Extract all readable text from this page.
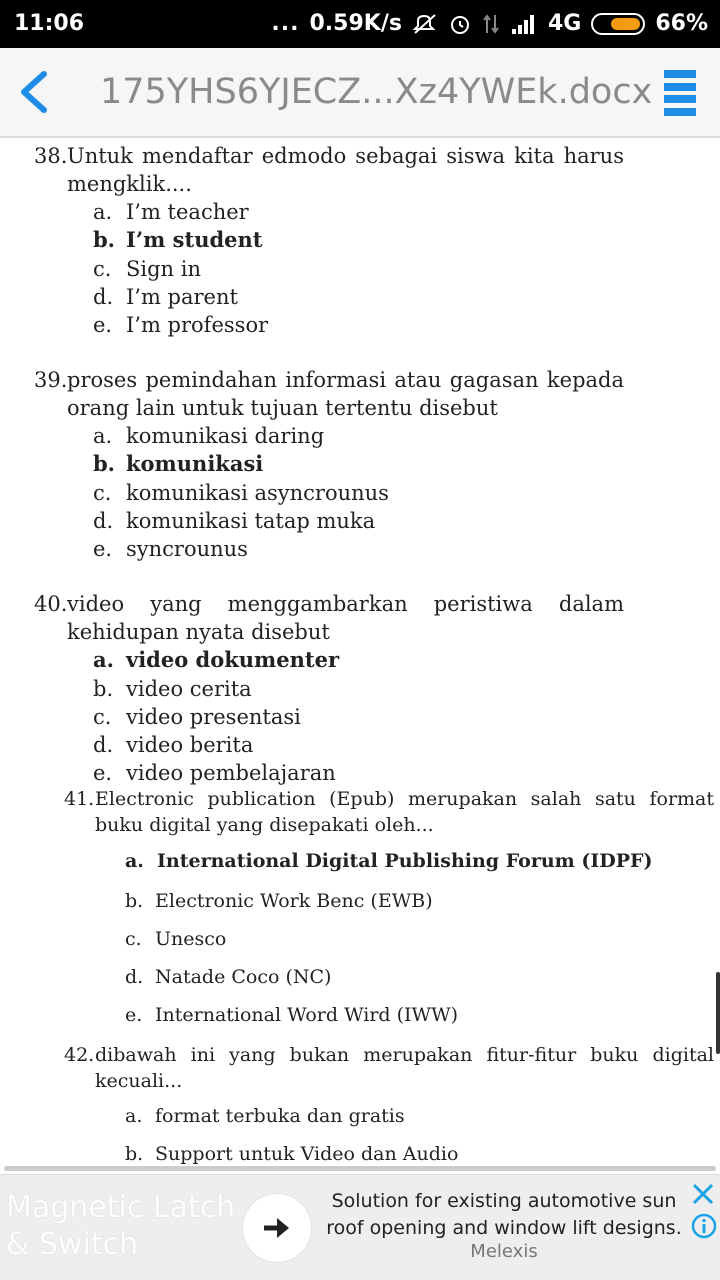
11:06	... 0.59K/s	4G	66%
175YHS6YJECZ...Xz4YWEk.docx
38. Untuk mendaftar edmodo sebagai siswa kita harus mengklik....
a. I’m teacher
b. I’m student
c. Sign in
d. I’m parent
e. I’m professor
39. proses pemindahan informasi atau gagasan kepada orang lain untuk tujuan tertentu disebut
a. komunikasi daring
b. komunikasi
c. komunikasi asyncrounus
d. komunikasi tatap muka
e. syncrounus
40. video yang menggambarkan peristiwa dalam kehidupan nyata disebut
a. video dokumenter
b. video cerita
c. video presentasi
d. video berita
e. video pembelajaran
41. Electronic publication (Epub) merupakan salah satu format buku digital yang disepakati oleh...
a. International Digital Publishing Forum (IDPF)
b. Electronic Work Benc (EWB)
c. Unesco
d. Natade Coco (NC)
e. International Word Wird (IWW)
42. dibawah ini yang bukan merupakan fitur-fitur buku digital kecuali...
a. format terbuka dan gratis
b. Support untuk Video dan Audio
Magnetic Latch
& Switch
Solution for existing automotive sun roof opening and window lift designs.
Melexis
